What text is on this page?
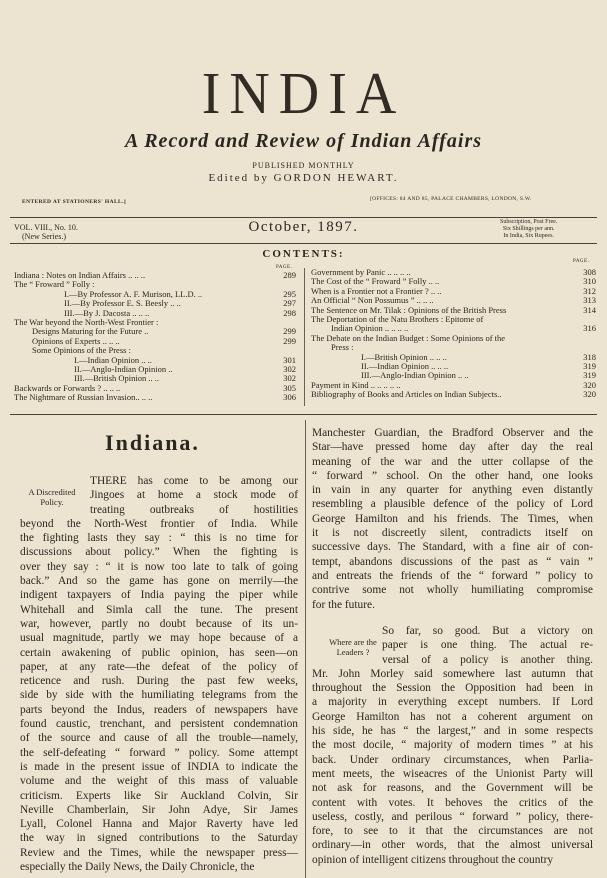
INDIA
A Record and Review of Indian Affairs
PUBLISHED MONTHLY
Edited by GORDON HEWART.
ENTERED AT STATIONERS' HALL.]	[OFFICES: 84 AND 85, PALACE CHAMBERS, LONDON, S.W.
VOL. VIII., No. 10.
(New Series.)
October, 1897.	Subscription, Post Free.
Six Shillings per ann.
In India, Six Rupees.
CONTENTS:
PAGE.
PAGE.
Indiana : Notes on Indian Affairs .. .. ..	289
The “ Froward ” Folly :
I.—By Professor A. F. Murison, LL.D. ..	295
II.—By Professor E. S. Beesly .. ..	297
III.—By J. Dacosta .. .. ..	298
The War beyond the North-West Frontier :
Designs Maturing for the Future ..	299
Opinions of Experts .. .. ..	299
Some Opinions of the Press :
I.—Indian Opinion .. ..	301
II.—Anglo-Indian Opinion ..	302
III.—British Opinion .. ..	302
Backwards or Forwards ? .. .. ..	305
The Nightmare of Russian Invasion.. .. ..	306
Government by Panic .. .. .. ..	308
The Cost of the “ Froward ” Folly .. ..	310
When is a Frontier not a Frontier ? .. ..	312
An Official “ Non Possumus ” .. .. ..	313
The Sentence on Mr. Tilak : Opinions of the British Press	314
The Deportation of the Natu Brothers : Epitome of
Indian Opinion .. .. .. ..	316
The Debate on the Indian Budget : Some Opinions of the
Press :
I.—British Opinion .. .. ..	318
II.—Indian Opinion .. .. ..	319
III.—Anglo-Indian Opinion .. ..	319
Payment in Kind .. .. .. .. ..	320
Bibliography of Books and Articles on Indian Subjects..	320
Indiana.
A Discredited Policy.
Where are the Leaders ?
THERE has come to be among our
Jingoes at home a stock mode of
treating outbreaks of hostilities
beyond the North-West frontier of India. While
the fighting lasts they say : “ this is no time for
discussions about policy.” When the fighting is
over they say : “ it is now too late to talk of going
back.” And so the game has gone on merrily—the
indigent taxpayers of India paying the piper while
Whitehall and Simla call the tune. The present
war, however, partly no doubt because of its un-
usual magnitude, partly we may hope because of a
certain awakening of public opinion, has seen—on
paper, at any rate—the defeat of the policy of
reticence and rush. During the past few weeks,
side by side with the humiliating telegrams from the
parts beyond the Indus, readers of newspapers have
found caustic, trenchant, and persistent condemnation
of the source and cause of all the trouble—namely,
the self-defeating “ forward ” policy. Some attempt
is made in the present issue of INDIA to indicate the
volume and the weight of this mass of valuable
criticism. Experts like Sir Auckland Colvin, Sir
Neville Chamberlain, Sir John Adye, Sir James
Lyall, Colonel Hanna and Major Raverty have led
the way in signed contributions to the Saturday
Review and the Times, while the newspaper press—
especially the Daily News, the Daily Chronicle, the
Manchester Guardian, the Bradford Observer and the
Star—have pressed home day after day the real
meaning of the war and the utter collapse of the
“ forward ” school. On the other hand, one looks
in vain in any quarter for anything even distantly
resembling a plausible defence of the policy of Lord
George Hamilton and his friends. The Times, when
it is not discreetly silent, contradicts itself on
successive days. The Standard, with a fine air of con-
tempt, abandons discussions of the past as “ vain ”
and entreats the friends of the “ forward ” policy to
contrive some not wholly humiliating compromise
for the future.
So far, so good. But a victory on
paper is one thing. The actual re-
versal of a policy is another thing.
Mr. John Morley said somewhere last autumn that
throughout the Session the Opposition had been in
a majority in everything except numbers. If Lord
George Hamilton has not a coherent argument on
his side, he has “ the largest,” and in some respects
the most docile, “ majority of modern times ” at his
back. Under ordinary circumstances, when Parlia-
ment meets, the wiseacres of the Unionist Party will
not ask for reasons, and the Government will be
content with votes. It behoves the critics of the
useless, costly, and perilous “ forward ” policy, there-
fore, to see to it that the circumstances are not
ordinary—in other words, that the almost universal
opinion of intelligent citizens throughout the country
